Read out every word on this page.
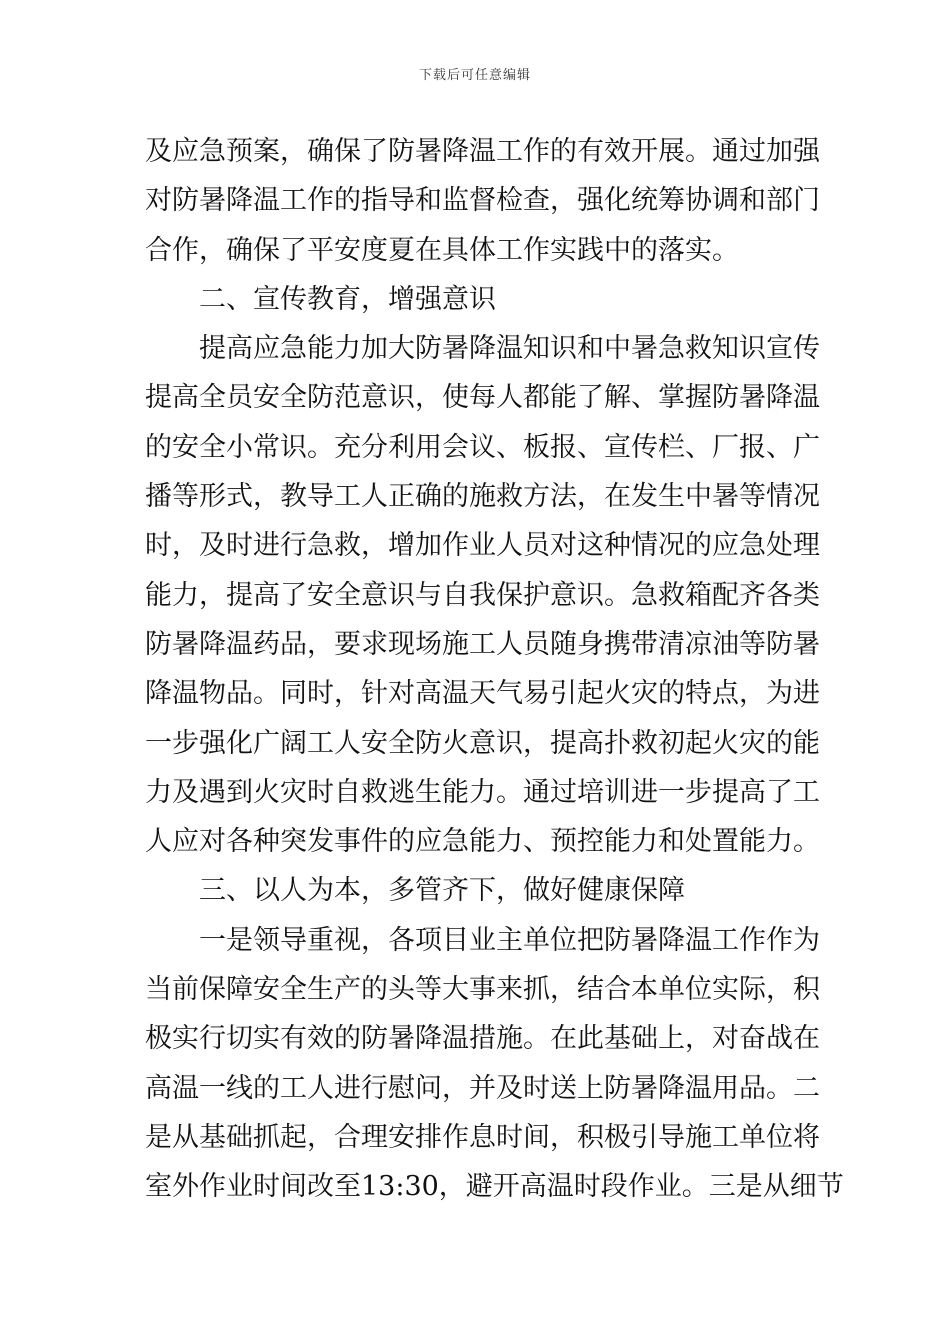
下载后可任意编辑
及应急预案，确保了防暑降温工作的有效开展。通过加强
对防暑降温工作的指导和监督检查，强化统筹协调和部门
合作，确保了平安度夏在具体工作实践中的落实。
二、宣传教育，增强意识
提高应急能力加大防暑降温知识和中暑急救知识宣传
提高全员安全防范意识，使每人都能了解、掌握防暑降温
的安全小常识。充分利用会议、板报、宣传栏、厂报、广
播等形式，教导工人正确的施救方法，在发生中暑等情况
时，及时进行急救，增加作业人员对这种情况的应急处理
能力，提高了安全意识与自我保护意识。急救箱配齐各类
防暑降温药品，要求现场施工人员随身携带清凉油等防暑
降温物品。同时，针对高温天气易引起火灾的特点，为进
一步强化广阔工人安全防火意识，提高扑救初起火灾的能
力及遇到火灾时自救逃生能力。通过培训进一步提高了工
人应对各种突发事件的应急能力、预控能力和处置能力。
三、以人为本，多管齐下，做好健康保障
一是领导重视，各项目业主单位把防暑降温工作作为
当前保障安全生产的头等大事来抓，结合本单位实际，积
极实行切实有效的防暑降温措施。在此基础上，对奋战在
高温一线的工人进行慰问，并及时送上防暑降温用品。二
是从基础抓起，合理安排作息时间，积极引导施工单位将
室外作业时间改至13:30，避开高温时段作业。三是从细节
